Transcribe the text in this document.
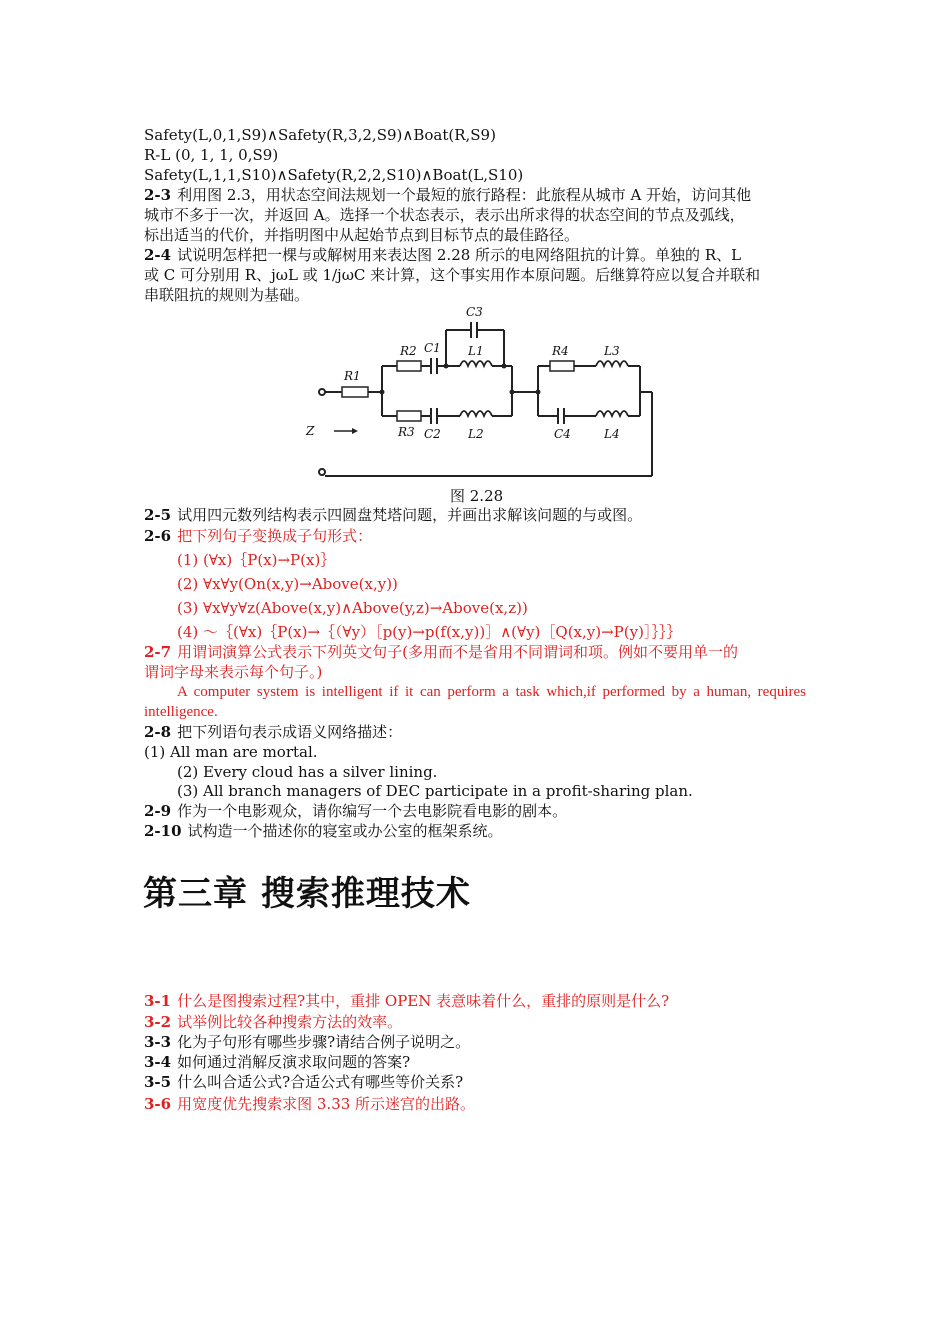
Safety(L,0,1,S9)∧Safety(R,3,2,S9)∧Boat(R,S9)
R-L (0, 1, 1, 0,S9)
Safety(L,1,1,S10)∧Safety(R,2,2,S10)∧Boat(L,S10)
2-3 利用图 2.3，用状态空间法规划一个最短的旅行路程：此旅程从城市 A 开始，访问其他
城市不多于一次，并返回 A。选择一个状态表示，表示出所求得的状态空间的节点及弧线，
标出适当的代价，并指明图中从起始节点到目标节点的最佳路径。
2-4 试说明怎样把一棵与或解树用来表达图 2.28 所示的电网络阻抗的计算。单独的 R、L
或 C 可分别用 R、jωL 或 1/jωC 来计算，这个事实用作本原问题。后继算符应以复合并联和
串联阻抗的规则为基础。
C3
R2 C1 L1	R4	L3
R1
Z	R3 C2 L2	C4	L4
图 2.28
2-5 试用四元数列结构表示四圆盘梵塔问题，并画出求解该问题的与或图。
2-6 把下列句子变换成子句形式：
(1) (∀x)｛P(x)→P(x)｝
(2) ∀x∀y(On(x,y)→Above(x,y))
(3) ∀x∀y∀z(Above(x,y)∧Above(y,z)→Above(x,z))
(4) ～｛(∀x)｛P(x)→｛（∀y）［p(y)→p(f(x,y))］∧(∀y)［Q(x,y)→P(y)］｝｝｝
2-7 用谓词演算公式表示下列英文句子(多用而不是省用不同谓词和项。例如不要用单一的
谓词字母来表示每个句子。)
A computer system is intelligent if it can perform a task which,if performed by a human, requires intelligence.
2-8 把下列语句表示成语义网络描述：
(1) All man are mortal.
(2) Every cloud has a silver lining.
(3) All branch managers of DEC participate in a profit-sharing plan.
2-9 作为一个电影观众，请你编写一个去电影院看电影的剧本。
2-10 试构造一个描述你的寝室或办公室的框架系统。
第三章 搜索推理技术
3-1 什么是图搜索过程?其中，重排 OPEN 表意味着什么，重排的原则是什么?
3-2 试举例比较各种搜索方法的效率。
3-3 化为子句形有哪些步骤?请结合例子说明之。
3-4 如何通过消解反演求取问题的答案?
3-5 什么叫合适公式?合适公式有哪些等价关系?
3-6 用宽度优先搜索求图 3.33 所示迷宫的出路。
